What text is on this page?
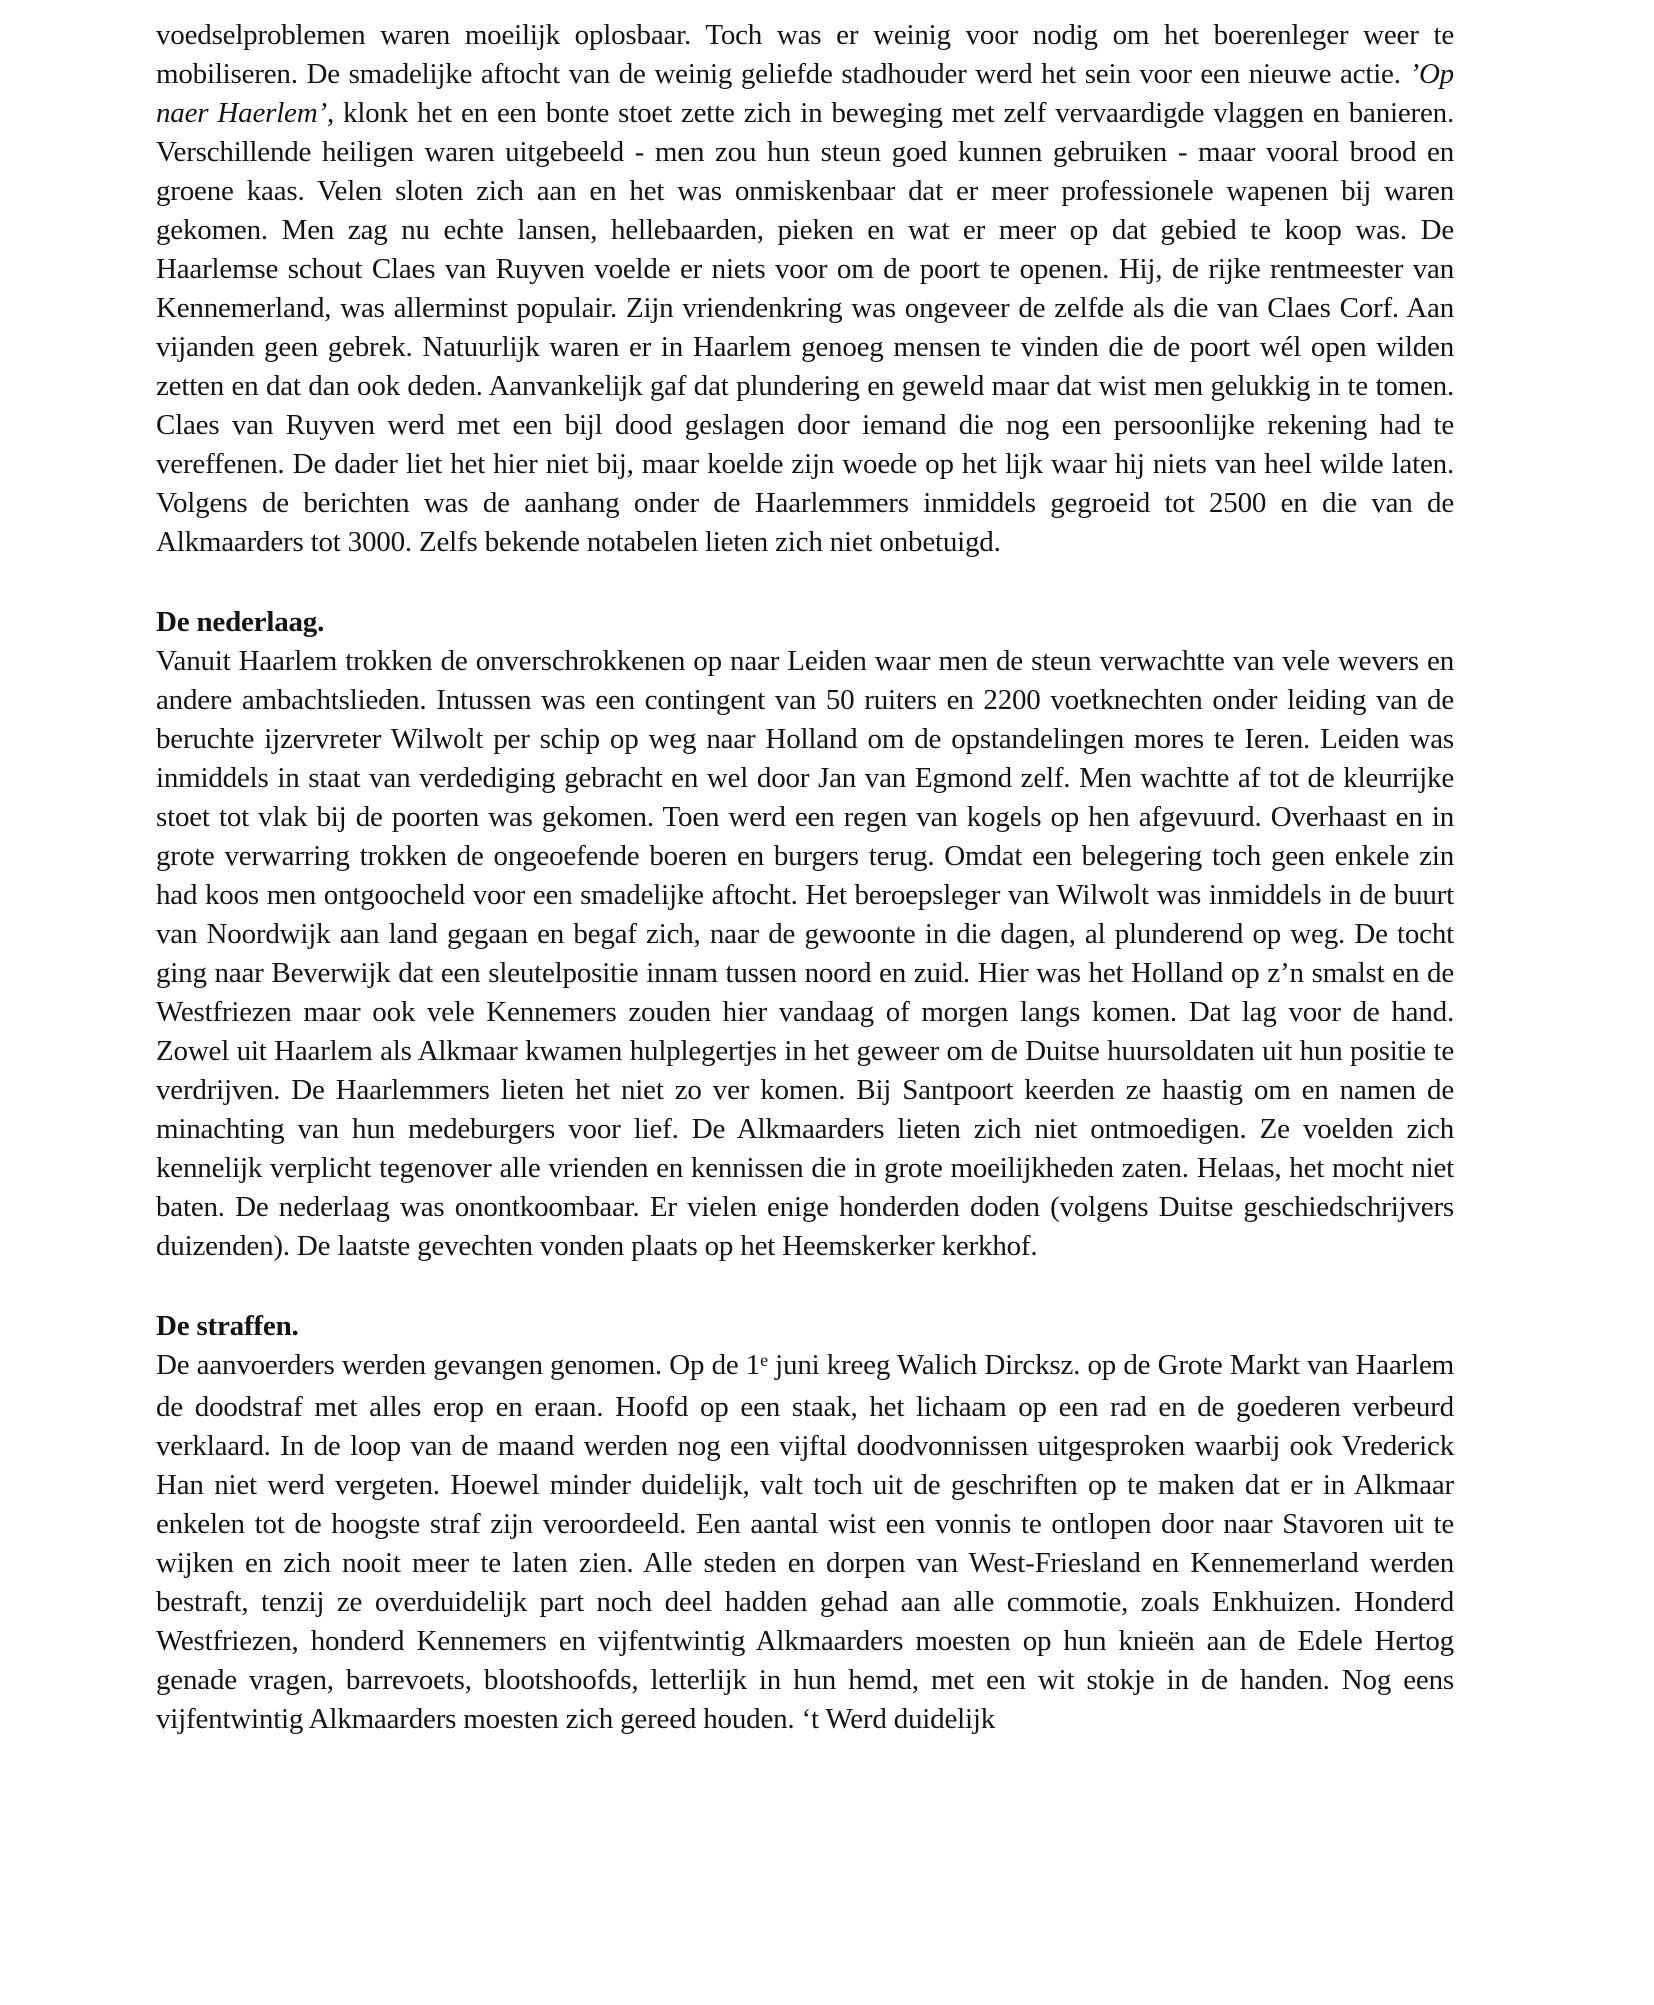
voedselproblemen waren moeilijk oplosbaar. Toch was er weinig voor nodig om het boerenleger weer te mobiliseren. De smadelijke aftocht van de weinig geliefde stadhouder werd het sein voor een nieuwe actie. ’Op naer Haerlem’, klonk het en een bonte stoet zette zich in beweging met zelf vervaardigde vlaggen en banieren. Verschillende heiligen waren uitgebeeld - men zou hun steun goed kunnen gebruiken - maar vooral brood en groene kaas. Velen sloten zich aan en het was onmiskenbaar dat er meer professionele wapenen bij waren gekomen. Men zag nu echte lansen, hellebaarden, pieken en wat er meer op dat gebied te koop was. De Haarlemse schout Claes van Ruyven voelde er niets voor om de poort te openen. Hij, de rijke rentmeester van Kennemerland, was allerminst populair. Zijn vriendenkring was ongeveer de zelfde als die van Claes Corf. Aan vijanden geen gebrek. Natuurlijk waren er in Haarlem genoeg mensen te vinden die de poort wél open wilden zetten en dat dan ook deden. Aanvankelijk gaf dat plundering en geweld maar dat wist men gelukkig in te tomen. Claes van Ruyven werd met een bijl dood geslagen door iemand die nog een persoonlijke rekening had te vereffenen. De dader liet het hier niet bij, maar koelde zijn woede op het lijk waar hij niets van heel wilde laten. Volgens de berichten was de aanhang onder de Haarlemmers inmiddels gegroeid tot 2500 en die van de Alkmaarders tot 3000. Zelfs bekende notabelen lieten zich niet onbetuigd.

De nederlaag.

Vanuit Haarlem trokken de onverschrokkenen op naar Leiden waar men de steun verwachtte van vele wevers en andere ambachtslieden. Intussen was een contingent van 50 ruiters en 2200 voetknechten onder leiding van de beruchte ijzervreter Wilwolt per schip op weg naar Holland om de opstandelingen mores te Ieren. Leiden was inmiddels in staat van verdediging gebracht en wel door Jan van Egmond zelf. Men wachtte af tot de kleurrijke stoet tot vlak bij de poorten was gekomen. Toen werd een regen van kogels op hen afgevuurd. Overhaast en in grote verwarring trokken de ongeoefende boeren en burgers terug. Omdat een belegering toch geen enkele zin had koos men ontgoocheld voor een smadelijke aftocht. Het beroepsleger van Wilwolt was inmiddels in de buurt van Noordwijk aan land gegaan en begaf zich, naar de gewoonte in die dagen, al plunderend op weg. De tocht ging naar Beverwijk dat een sleutelpositie innam tussen noord en zuid. Hier was het Holland op z’n smalst en de Westfriezen maar ook vele Kennemers zouden hier vandaag of morgen langs komen. Dat lag voor de hand. Zowel uit Haarlem als Alkmaar kwamen hulplegertjes in het geweer om de Duitse huursoldaten uit hun positie te verdrijven. De Haarlemmers lieten het niet zo ver komen. Bij Santpoort keerden ze haastig om en namen de minachting van hun medeburgers voor lief. De Alkmaarders lieten zich niet ontmoedigen. Ze voelden zich kennelijk verplicht tegenover alle vrienden en kennissen die in grote moeilijkheden zaten. Helaas, het mocht niet baten. De nederlaag was onontkoombaar. Er vielen enige honderden doden (volgens Duitse geschiedschrijvers duizenden). De laatste gevechten vonden plaats op het Heemskerker kerkhof.

De straffen.

De aanvoerders werden gevangen genomen. Op de 1e juni kreeg Walich Dircksz. op de Grote Markt van Haarlem de doodstraf met alles erop en eraan. Hoofd op een staak, het lichaam op een rad en de goederen verbeurd verklaard. In de loop van de maand werden nog een vijftal doodvonnissen uitgesproken waarbij ook Vrederick Han niet werd vergeten. Hoewel minder duidelijk, valt toch uit de geschriften op te maken dat er in Alkmaar enkelen tot de hoogste straf zijn veroordeeld. Een aantal wist een vonnis te ontlopen door naar Stavoren uit te wijken en zich nooit meer te laten zien. Alle steden en dorpen van West-Friesland en Kennemerland werden bestraft, tenzij ze overduidelijk part noch deel hadden gehad aan alle commotie, zoals Enkhuizen. Honderd Westfriezen, honderd Kennemers en vijfentwintig Alkmaarders moesten op hun knieën aan de Edele Hertog genade vragen, barrevoets, blootshoofds, letterlijk in hun hemd, met een wit stokje in de handen. Nog eens vijfentwintig Alkmaarders moesten zich gereed houden. ‘t Werd duidelijk
